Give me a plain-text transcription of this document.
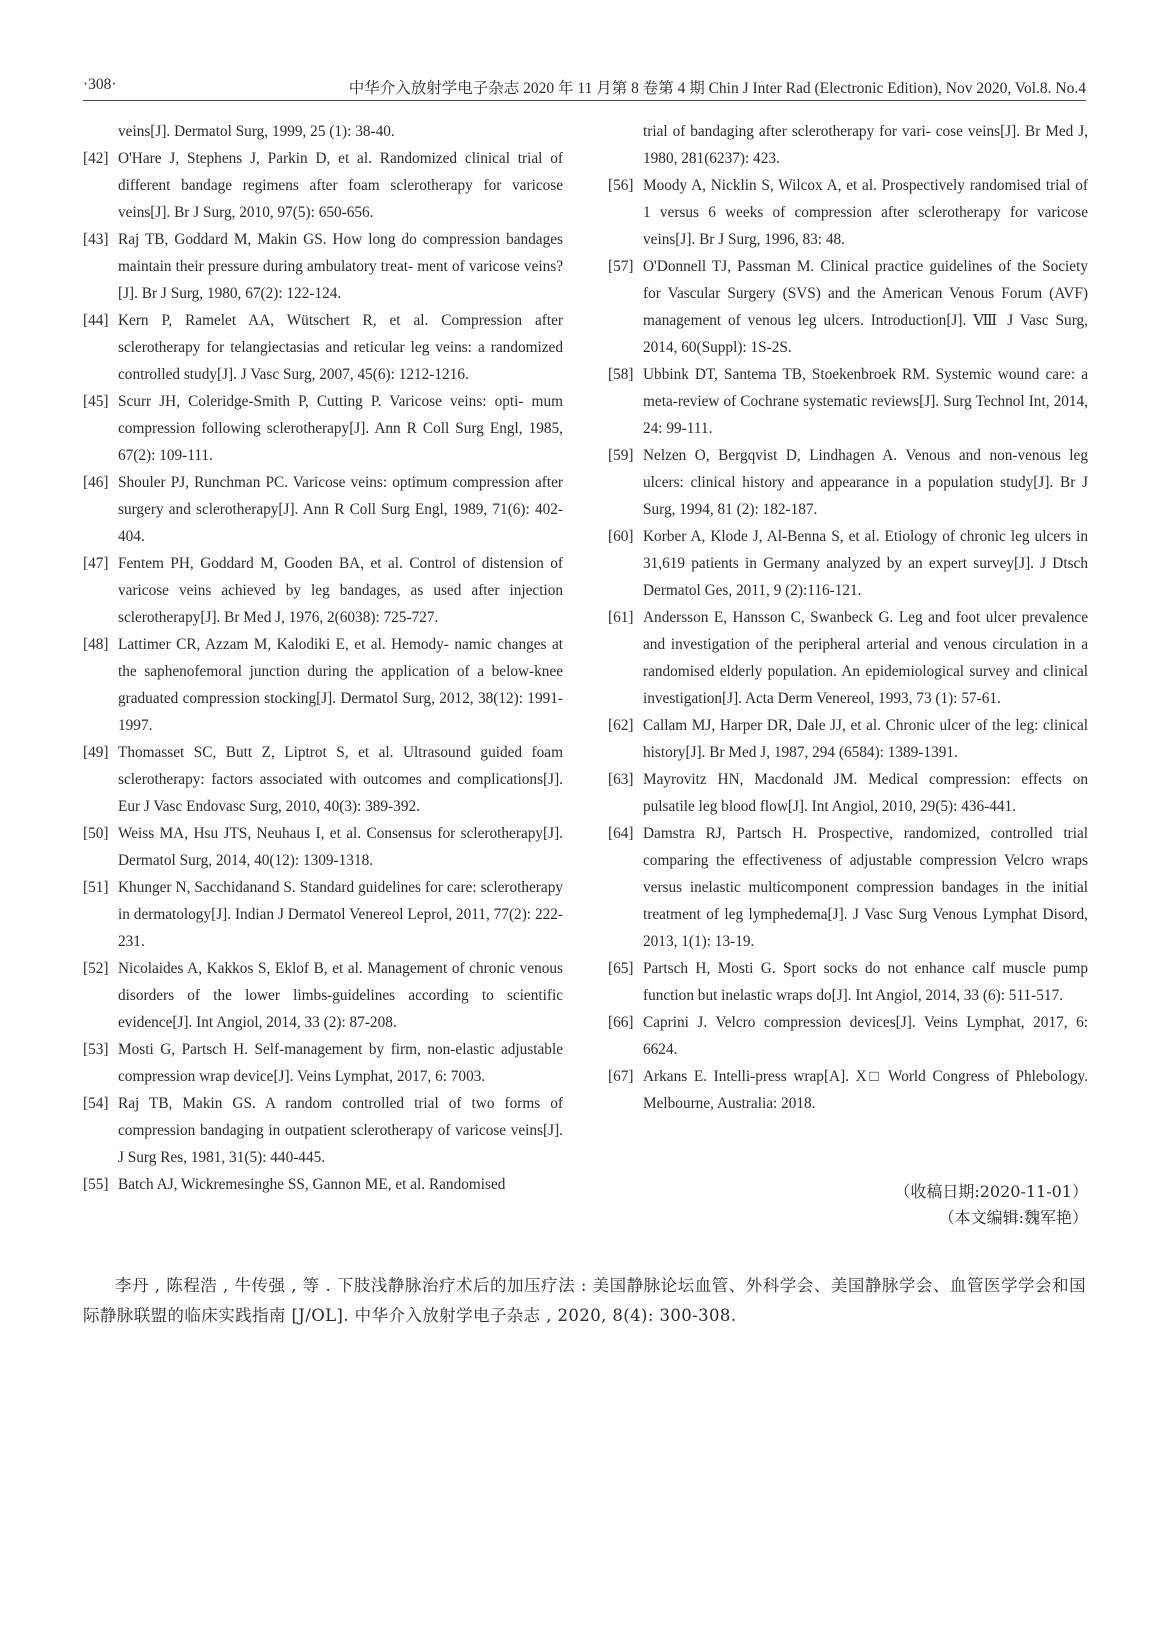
·308·	中华介入放射学电子杂志 2020 年 11 月第 8 卷第 4 期 Chin J Inter Rad (Electronic Edition), Nov 2020, Vol.8. No.4
veins[J]. Dermatol Surg, 1999, 25 (1): 38-40.
[42] O'Hare J, Stephens J, Parkin D, et al. Randomized clinical trial of different bandage regimens after foam sclerotherapy for varicose veins[J]. Br J Surg, 2010, 97(5): 650-656.
[43] Raj TB, Goddard M, Makin GS. How long do compression bandages maintain their pressure during ambulatory treat- ment of varicose veins?[J]. Br J Surg, 1980, 67(2): 122-124.
[44] Kern P, Ramelet AA, Wütschert R, et al. Compression after sclerotherapy for telangiectasias and reticular leg veins: a randomized controlled study[J]. J Vasc Surg, 2007, 45(6): 1212-1216.
[45] Scurr JH, Coleridge-Smith P, Cutting P. Varicose veins: opti- mum compression following sclerotherapy[J]. Ann R Coll Surg Engl, 1985, 67(2): 109-111.
[46] Shouler PJ, Runchman PC. Varicose veins: optimum compression after surgery and sclerotherapy[J]. Ann R Coll Surg Engl, 1989, 71(6): 402-404.
[47] Fentem PH, Goddard M, Gooden BA, et al. Control of distension of varicose veins achieved by leg bandages, as used after injection sclerotherapy[J]. Br Med J, 1976, 2(6038): 725-727.
[48] Lattimer CR, Azzam M, Kalodiki E, et al. Hemody- namic changes at the saphenofemoral junction during the application of a below-knee graduated compression stocking[J]. Dermatol Surg, 2012, 38(12): 1991-1997.
[49] Thomasset SC, Butt Z, Liptrot S, et al. Ultrasound guided foam sclerotherapy: factors associated with outcomes and complications[J]. Eur J Vasc Endovasc Surg, 2010, 40(3): 389-392.
[50] Weiss MA, Hsu JTS, Neuhaus I, et al. Consensus for sclerotherapy[J]. Dermatol Surg, 2014, 40(12): 1309-1318.
[51] Khunger N, Sacchidanand S. Standard guidelines for care: sclerotherapy in dermatology[J]. Indian J Dermatol Venereol Leprol, 2011, 77(2): 222-231.
[52] Nicolaides A, Kakkos S, Eklof B, et al. Management of chronic venous disorders of the lower limbs-guidelines according to scientific evidence[J]. Int Angiol, 2014, 33 (2): 87-208.
[53] Mosti G, Partsch H. Self-management by firm, non-elastic adjustable compression wrap device[J]. Veins Lymphat, 2017, 6: 7003.
[54] Raj TB, Makin GS. A random controlled trial of two forms of compression bandaging in outpatient sclerotherapy of varicose veins[J]. J Surg Res, 1981, 31(5): 440-445.
[55] Batch AJ, Wickremesinghe SS, Gannon ME, et al. Randomised
trial of bandaging after sclerotherapy for vari- cose veins[J]. Br Med J, 1980, 281(6237): 423.
[56] Moody A, Nicklin S, Wilcox A, et al. Prospectively randomised trial of 1 versus 6 weeks of compression after sclerotherapy for varicose veins[J]. Br J Surg, 1996, 83: 48.
[57] O'Donnell TJ, Passman M. Clinical practice guidelines of the Society for Vascular Surgery (SVS) and the American Venous Forum (AVF) management of venous leg ulcers. Introduction[J]. Ⅷ J Vasc Surg, 2014, 60(Suppl): 1S-2S.
[58] Ubbink DT, Santema TB, Stoekenbroek RM. Systemic wound care: a meta-review of Cochrane systematic reviews[J]. Surg Technol Int, 2014, 24: 99-111.
[59] Nelzen O, Bergqvist D, Lindhagen A. Venous and non-venous leg ulcers: clinical history and appearance in a population study[J]. Br J Surg, 1994, 81 (2): 182-187.
[60] Korber A, Klode J, Al-Benna S, et al. Etiology of chronic leg ulcers in 31,619 patients in Germany analyzed by an expert survey[J]. J Dtsch Dermatol Ges, 2011, 9 (2):116-121.
[61] Andersson E, Hansson C, Swanbeck G. Leg and foot ulcer prevalence and investigation of the peripheral arterial and venous circulation in a randomised elderly population. An epidemiological survey and clinical investigation[J]. Acta Derm Venereol, 1993, 73 (1): 57-61.
[62] Callam MJ, Harper DR, Dale JJ, et al. Chronic ulcer of the leg: clinical history[J]. Br Med J, 1987, 294 (6584): 1389-1391.
[63] Mayrovitz HN, Macdonald JM. Medical compression: effects on pulsatile leg blood flow[J]. Int Angiol, 2010, 29(5): 436-441.
[64] Damstra RJ, Partsch H. Prospective, randomized, controlled trial comparing the effectiveness of adjustable compression Velcro wraps versus inelastic multicomponent compression bandages in the initial treatment of leg lymphedema[J]. J Vasc Surg Venous Lymphat Disord, 2013, 1(1): 13-19.
[65] Partsch H, Mosti G. Sport socks do not enhance calf muscle pump function but inelastic wraps do[J]. Int Angiol, 2014, 33 (6): 511-517.
[66] Caprini J. Velcro compression devices[J]. Veins Lymphat, 2017, 6: 6624.
[67] Arkans E. Intelli-press wrap[A]. X□ World Congress of Phlebology. Melbourne, Australia: 2018.
（收稿日期:2020-11-01）
（本文编辑:魏军艳）
李丹 , 陈程浩 , 牛传强 , 等 . 下肢浅静脉治疗术后的加压疗法 : 美国静脉论坛血管、外科学会、美国静脉学会、血管医学学会和国际静脉联盟的临床实践指南 [J/OL]. 中华介入放射学电子杂志 , 2020, 8(4): 300-308.
